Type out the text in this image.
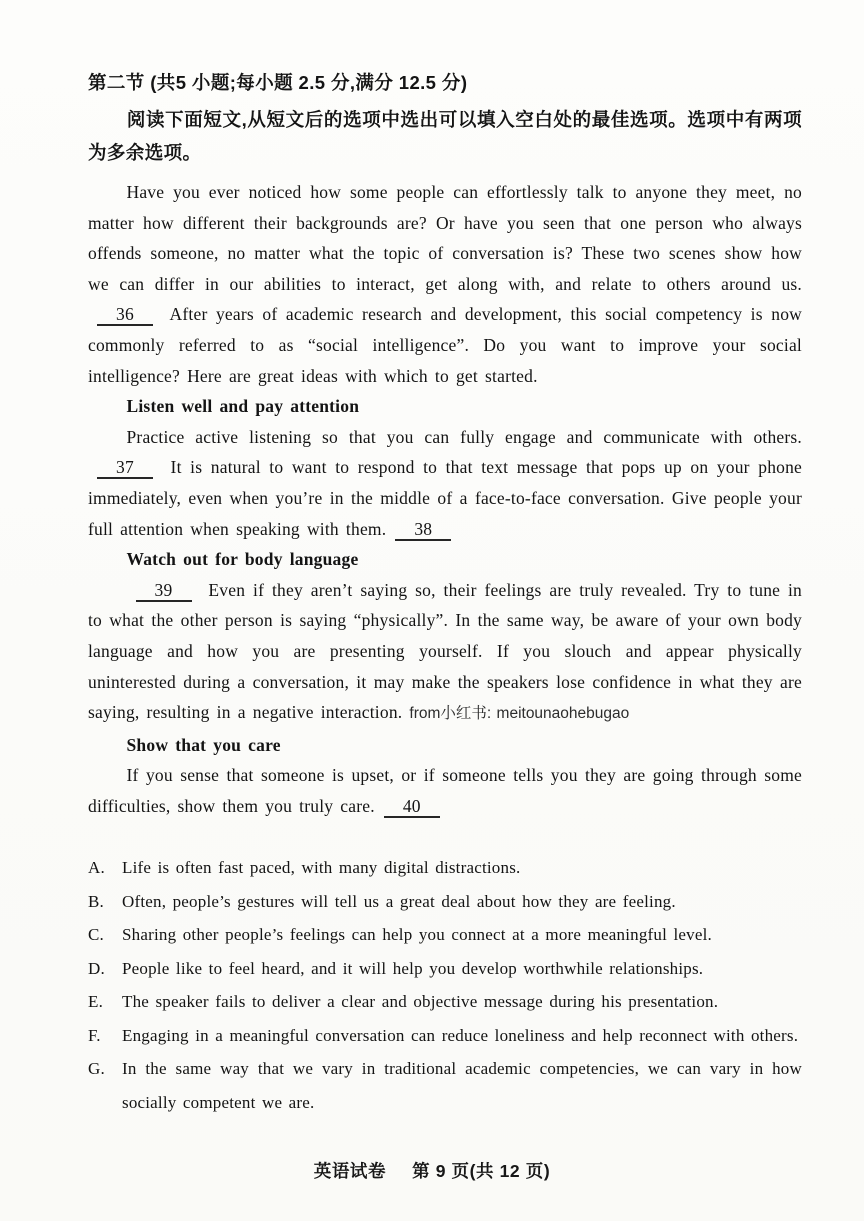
第二节 (共5 小题;每小题 2.5 分,满分 12.5 分)

阅读下面短文,从短文后的选项中选出可以填入空白处的最佳选项。选项中有两项为多余选项。

Have you ever noticed how some people can effortlessly talk to anyone they meet, no matter how different their backgrounds are? Or have you seen that one person who always offends someone, no matter what the topic of conversation is? These two scenes show how we can differ in our abilities to interact, get along with, and relate to others around us.36 After years of academic research and development, this social competency is now commonly referred to as “social intelligence”. Do you want to improve your social intelligence? Here are great ideas with which to get started.

Listen well and pay attention

Practice active listening so that you can fully engage and communicate with others.37 It is natural to want to respond to that text message that pops up on your phone immediately, even when you’re in the middle of a face-to-face conversation. Give people your full attention when speaking with them. 38

Watch out for body language

39 Even if they aren’t saying so, their feelings are truly revealed. Try to tune in to what the other person is saying “physically”. In the same way, be aware of your own body language and how you are presenting yourself. If you slouch and appear physically uninterested during a conversation, it may make the speakers lose confidence in what they are saying, resulting in a negative interaction. from小红书: meitounaohebugao

Show that you care

If you sense that someone is upset, or if someone tells you they are going through some difficulties, show them you truly care. 40

A.	Life is often fast paced, with many digital distractions.
B.	Often, people’s gestures will tell us a great deal about how they are feeling.
C.	Sharing other people’s feelings can help you connect at a more meaningful level.
D.	People like to feel heard, and it will help you develop worthwhile relationships.
E.	The speaker fails to deliver a clear and objective message during his presentation.
F.	Engaging in a meaningful conversation can reduce loneliness and help reconnect with others.
G.	In the same way that we vary in traditional academic competencies, we can vary in how socially competent we are.
英语试卷 第 9 页(共 12 页)
